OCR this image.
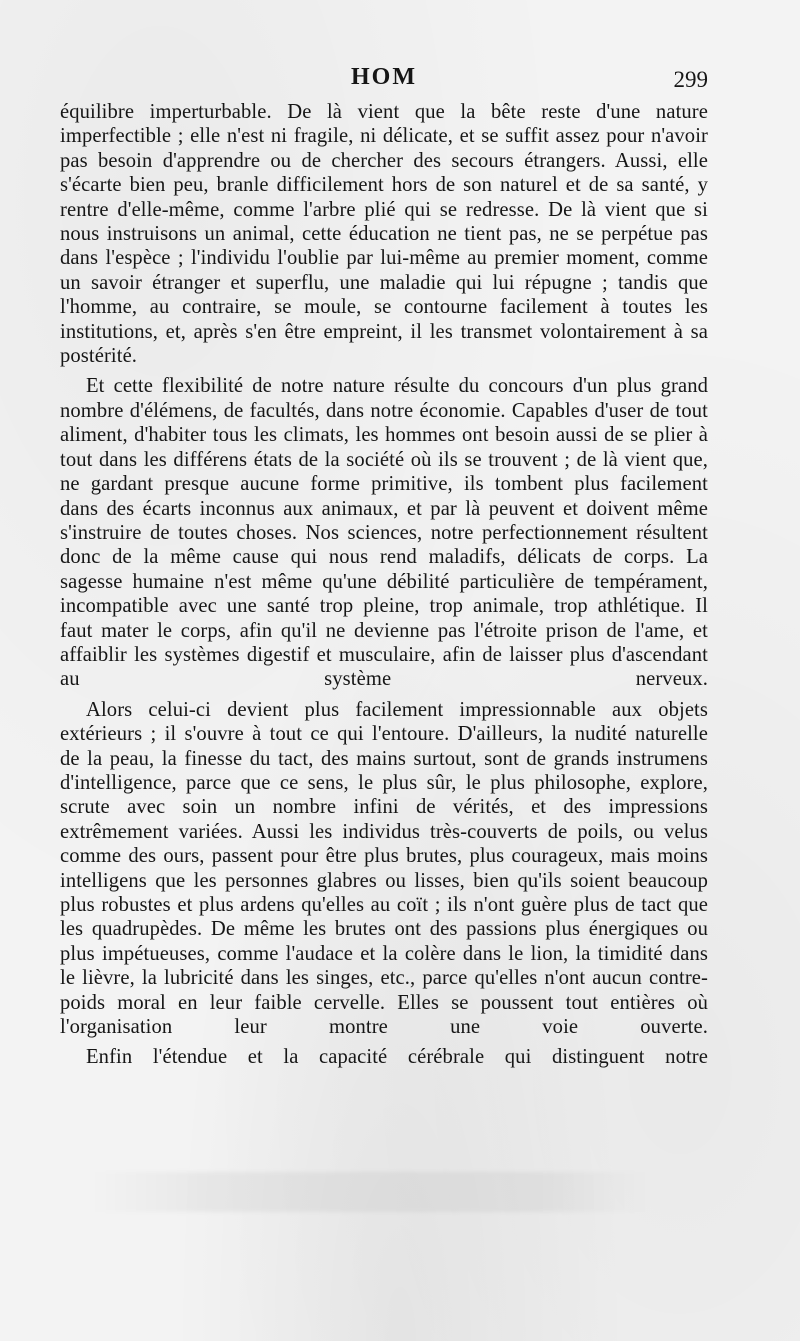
HOM	299

équilibre imperturbable. De là vient que la bête reste d'une nature imperfectible ; elle n'est ni fragile, ni délicate, et se suffit assez pour n'avoir pas besoin d'apprendre ou de chercher des secours étrangers. Aussi, elle s'écarte bien peu, branle difficilement hors de son naturel et de sa santé, y rentre d'elle-même, comme l'arbre plié qui se redresse. De là vient que si nous instruisons un animal, cette éducation ne tient pas, ne se perpétue pas dans l'espèce ; l'individu l'oublie par lui-même au premier moment, comme un savoir étranger et superflu, une maladie qui lui répugne ; tandis que l'homme, au contraire, se moule, se contourne facilement à toutes les institutions, et, après s'en être empreint, il les transmet volontairement à sa postérité.

Et cette flexibilité de notre nature résulte du concours d'un plus grand nombre d'élémens, de facultés, dans notre économie. Capables d'user de tout aliment, d'habiter tous les climats, les hommes ont besoin aussi de se plier à tout dans les différens états de la société où ils se trouvent ; de là vient que, ne gardant presque aucune forme primitive, ils tombent plus facilement dans des écarts inconnus aux animaux, et par là peuvent et doivent même s'instruire de toutes choses. Nos sciences, notre perfectionnement résultent donc de la même cause qui nous rend maladifs, délicats de corps. La sagesse humaine n'est même qu'une débilité particulière de tempérament, incompatible avec une santé trop pleine, trop animale, trop athlétique. Il faut mater le corps, afin qu'il ne devienne pas l'étroite prison de l'ame, et affaiblir les systèmes digestif et musculaire, afin de laisser plus d'ascendant au système nerveux.

Alors celui-ci devient plus facilement impressionnable aux objets extérieurs ; il s'ouvre à tout ce qui l'entoure. D'ailleurs, la nudité naturelle de la peau, la finesse du tact, des mains surtout, sont de grands instrumens d'intelligence, parce que ce sens, le plus sûr, le plus philosophe, explore, scrute avec soin un nombre infini de vérités, et des impressions extrêmement variées. Aussi les individus très-couverts de poils, ou velus comme des ours, passent pour être plus brutes, plus courageux, mais moins intelligens que les personnes glabres ou lisses, bien qu'ils soient beaucoup plus robustes et plus ardens qu'elles au coït ; ils n'ont guère plus de tact que les quadrupèdes. De même les brutes ont des passions plus énergiques ou plus impétueuses, comme l'audace et la colère dans le lion, la timidité dans le lièvre, la lubricité dans les singes, etc., parce qu'elles n'ont aucun contre-poids moral en leur faible cervelle. Elles se poussent tout entières où l'organisation leur montre une voie ouverte.

Enfin l'étendue et la capacité cérébrale qui distinguent notre
